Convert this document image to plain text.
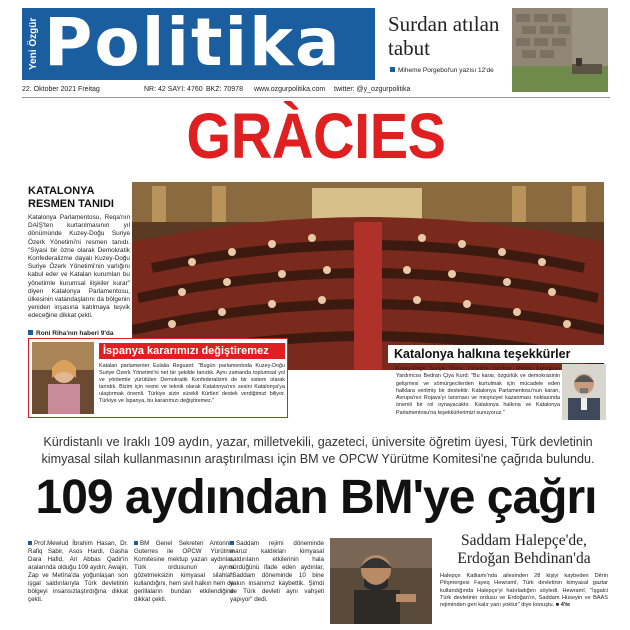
Yeni Özgür Politika
22. Oktober 2021 Freitag	NR: 42 SAYI: 4760 BKZ: 70978 www.ozgurpolitika.com twitter: @y_ozgurpolitika
Surdan atılan tabut
Miheme Porgebol'un yazısı 12'de
GRÀCIES
KATALONYA RESMEN TANIDI
Katalonya Parlamentosu, Reqa'nın DAİŞ'ten kurtarılmasının yıl dönümünde Kuzey-Doğu Suriye Özerk Yönetimi'ni resmen tanıdı. "Siyasi bir özne olarak Demokratik Konfederalizme dayalı Kuzey-Doğu Suriye Özerk Yönetimi'nin varlığını kabul eder ve Katalan kurumları bu yönetimle kurumsal ilişkiler kurar" diyen Katalonya Parlamentosu, ülkesinin vatandaşlarını da bölgenin yeniden inşasına katılmaya teşvik edeceğine dikkat çekti.
Roni Riha'nın haberi 9'da
İspanya kararımızı değiştiremez
Katalan parlamenter Eulalia Reguant: "Bugün parlamentoda Kuzey-Doğu Suriye Özerk Yönetimi'ni net bir şekilde tanıdık. Aynı zamanda toplumsal yol ve yöntemle yürütülen Demokratik Konfederalizmi de bir sistem olarak tanıdık. Bizim için resmi ve teknik olarak Katalonya'nın sesini Katalonya'ya ulaştırmak önemli. Türkiye sizin sürekli Kürtleri destek verdiğimizi biliyor. Türkiye ve İspanya, bu kararımızı değiştiremez."
Katalonya halkına teşekkürler
Kuzey-Doğu Suriye Özerk Yönetimi Yürütme Meclisi Eşbaşkan Yardımcısı Bedran Çiya Kurd: "Bu karar, özgürlük ve demokrasinin gelişmesi ve sömürgecilerden kurtulmak için mücadele eden halklara verilmiş bir destektir. Katalonya Parlamentosu'nun kararı, Avrupa'nın Rojava'yı tanıması ve meşruiyet kazanması noktasında önemli bir rol oynayacaktır. Katalonya halkına ve Katalonya Parlamentosu'na teşekkürlerimizi sunuyoruz."
Kürdistanlı ve Iraklı 109 aydın, yazar, milletvekili, gazeteci, üniversite öğretim üyesi, Türk devletinin kimyasal silah kullanmasının araştırılması için BM ve OPCW Yürütme Komitesi'ne çağrıda bulundu.
109 aydından BM'ye çağrı
Prof.Mewlud İbrahim Hasan, Dr. Rafiq Sabir, Asos Hardi, Gasha Dara Hafid, Ari Abbas Qadir'in aralarında olduğu 109 aydın; Awajin, Zap ve Metîna'da yoğunlaşan son işgal saldırılarıyla Türk devletinin bölgeyi insansızlaştırdığına dikkat çekti.
BM Genel Sekreteri Antonnio Guterres ile OPCW Yürütme Komitesine mektup yazan aydınlar, Türk ordusunun ayrım gözetmeksizin kimyasal silahları kullandığını, hem sivil halkın hem de gerillaların bundan etkilendiğine dikkat çekti.
Saddam rejimi döneminde maruz kaldıkları kimyasal saldırıların etkilerinin hala sürdüğünü ifade eden aydınlar, "Saddam döneminde 10 bine yakın insanımız kaybettik. Şimdi de Türk devleti aynı vahşeti yapıyor" dedi.
Saddam Halepçe'de, Erdoğan Behdinan'da
Halepçe Katliamı'nda ailesinden 28 kişiyi kaybeden Dêrin Pêşmergesi Fayeq Hewramî, Türk devletinin kimyasal gazlar kullandığında Halepçe'yi hatırladığını söyledi. Hewramî, "İşgalci Türk devletinin ordusu ve Erdoğan'ın, Saddam Hüseyin ve BAAS rejiminden geri kalır yanı yoktur" diye konuştu. ■ 4'te
